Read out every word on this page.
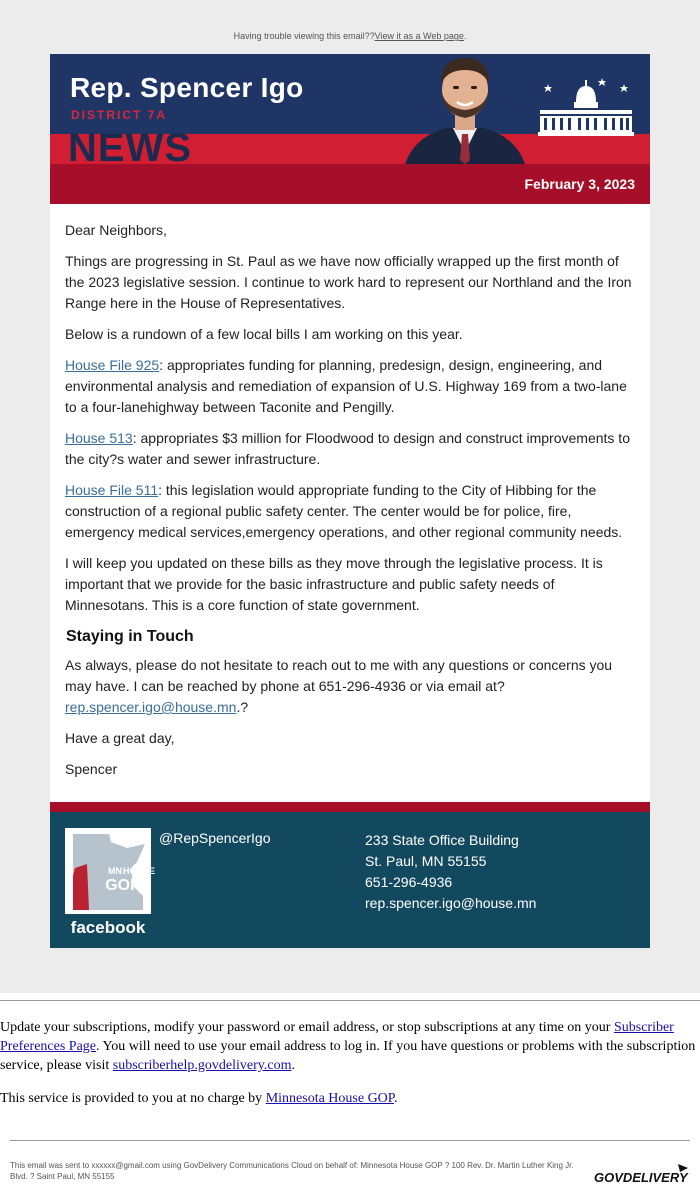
Having trouble viewing this email??View it as a Web page.
Rep. Spencer Igo
DISTRICT 7A
NEWS
February 3, 2023

Dear Neighbors,

Things are progressing in St. Paul as we have now officially wrapped up the first month of the 2023 legislative session. I continue to work hard to represent our Northland and the Iron Range here in the House of Representatives.

Below is a rundown of a few local bills I am working on this year.

House File 925: appropriates funding for planning, predesign, design, engineering, and environmental analysis and remediation of expansion of U.S. Highway 169 from a two-lane to a four-lanehighway between Taconite and Pengilly.

House 513: appropriates $3 million for Floodwood to design and construct improvements to the city?s water and sewer infrastructure.

House File 511: this legislation would appropriate funding to the City of Hibbing for the construction of a regional public safety center. The center would be for police, fire, emergency medical services,emergency operations, and other regional community needs.

I will keep you updated on these bills as they move through the legislative process. It is important that we provide for the basic infrastructure and public safety needs of Minnesotans. This is a core function of state government.

Staying in Touch

As always, please do not hesitate to reach out to me with any questions or concerns you may have. I can be reached by phone at 651-296-4936 or via email at?
rep.spencer.igo@house.mn.?

Have a great day,

Spencer

MN HOUSE
GOP
facebook
@RepSpencerIgo	233 State Office Building
St. Paul, MN 55155
651-296-4936
rep.spencer.igo@house.mn

Update your subscriptions, modify your password or email address, or stop subscriptions at any time on your Subscriber Preferences Page. You will need to use your email address to log in. If you have questions or problems with the subscription service, please visit subscriberhelp.govdelivery.com.

This service is provided to you at no charge by Minnesota House GOP.

This email was sent to xxxxxx@gmail.com using GovDelivery Communications Cloud on behalf of: Minnesota House GOP ? 100 Rev. Dr. Martin Luther King Jr. Blvd. ? Saint Paul, MN 55155	GOVDELIVERY
